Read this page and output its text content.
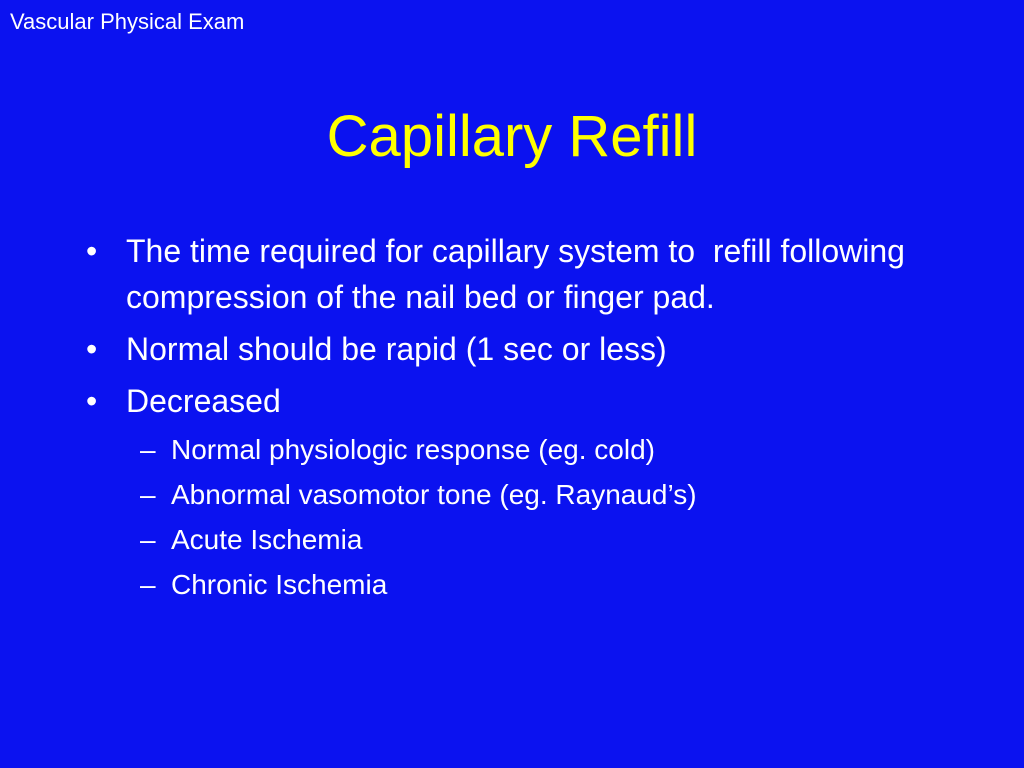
Vascular Physical Exam
Capillary Refill
• The time required for capillary system to  refill following compression of the nail bed or finger pad.
• Normal should be rapid (1 sec or less)
• Decreased
– Normal physiologic response (eg. cold)
– Abnormal vasomotor tone (eg. Raynaud’s)
– Acute Ischemia
– Chronic Ischemia
